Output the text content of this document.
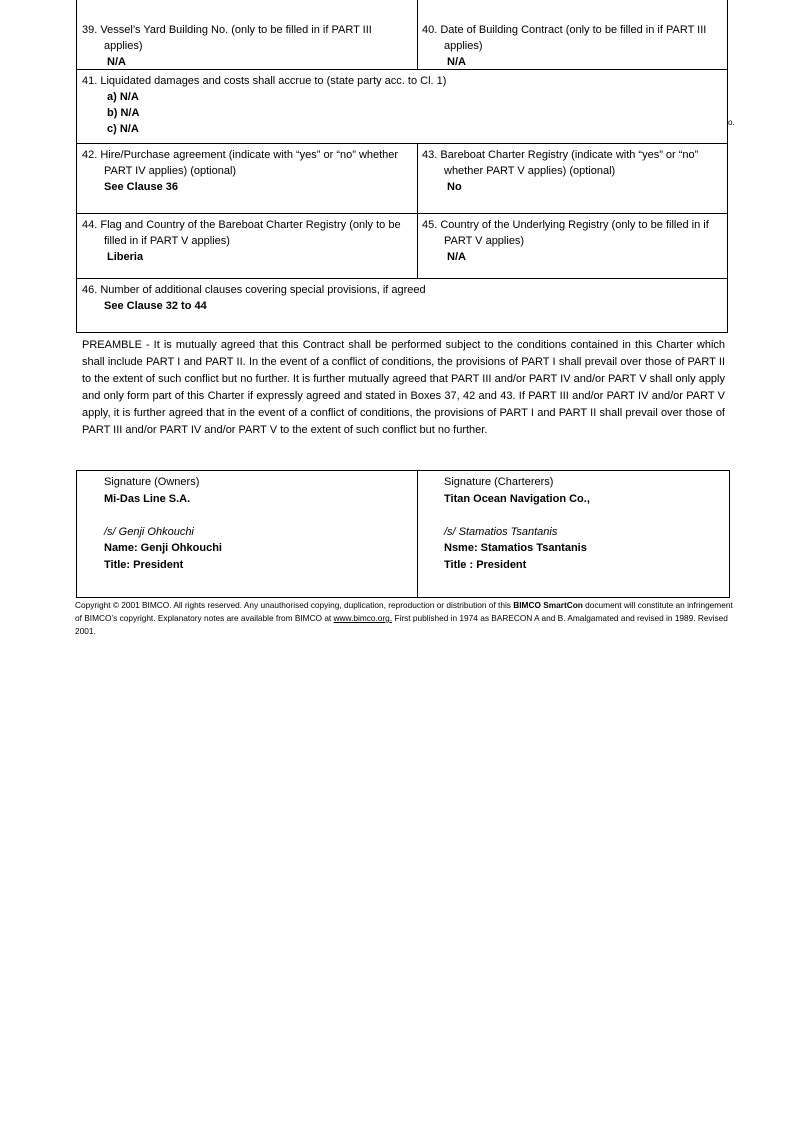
39. Vessel’s Yard Building No. (only to be filled in if PART III applies)
N/A
40. Date of Building Contract (only to be filled in if PART III applies)
N/A
41. Liquidated damages and costs shall accrue to (state party acc. to Cl. 1)
a) N/A
b) N/A
c) N/A
o.
42. Hire/Purchase agreement (indicate with “yes” or “no” whether PART IV applies) (optional)
See Clause 36
43. Bareboat Charter Registry (indicate with “yes” or “no” whether PART V applies) (optional)
No
44. Flag and Country of the Bareboat Charter Registry (only to be filled in if PART V applies)
Liberia
45. Country of the Underlying Registry (only to be filled in if PART V applies)
N/A
46. Number of additional clauses covering special provisions, if agreed
See Clause 32 to 44
PREAMBLE - It is mutually agreed that this Contract shall be performed subject to the conditions contained in this Charter which shall include PART I and PART II. In the event of a conflict of conditions, the provisions of PART I shall prevail over those of PART II to the extent of such conflict but no further. It is further mutually agreed that PART III and/or PART IV and/or PART V shall only apply and only form part of this Charter if expressly agreed and stated in Boxes 37, 42 and 43. If PART III and/or PART IV and/or PART V apply, it is further agreed that in the event of a conflict of conditions, the provisions of PART I and PART II shall prevail over those of PART III and/or PART IV and/or PART V to the extent of such conflict but no further.
Signature (Owners)
Mi-Das Line S.A.

/s/ Genji Ohkouchi
Name: Genji Ohkouchi
Title: President
Signature (Charterers)
Titan Ocean Navigation Co.,

/s/ Stamatios Tsantanis
Nsme: Stamatios Tsantanis
Title : President
Copyright © 2001 BIMCO. All rights reserved. Any unauthorised copying, duplication, reproduction or distribution of this BIMCO SmartCon document will constitute an infringement of BIMCO’s copyright. Explanatory notes are available from BIMCO at www.bimco.org. First published in 1974 as BARECON A and B. Amalgamated and revised in 1989. Revised 2001.
